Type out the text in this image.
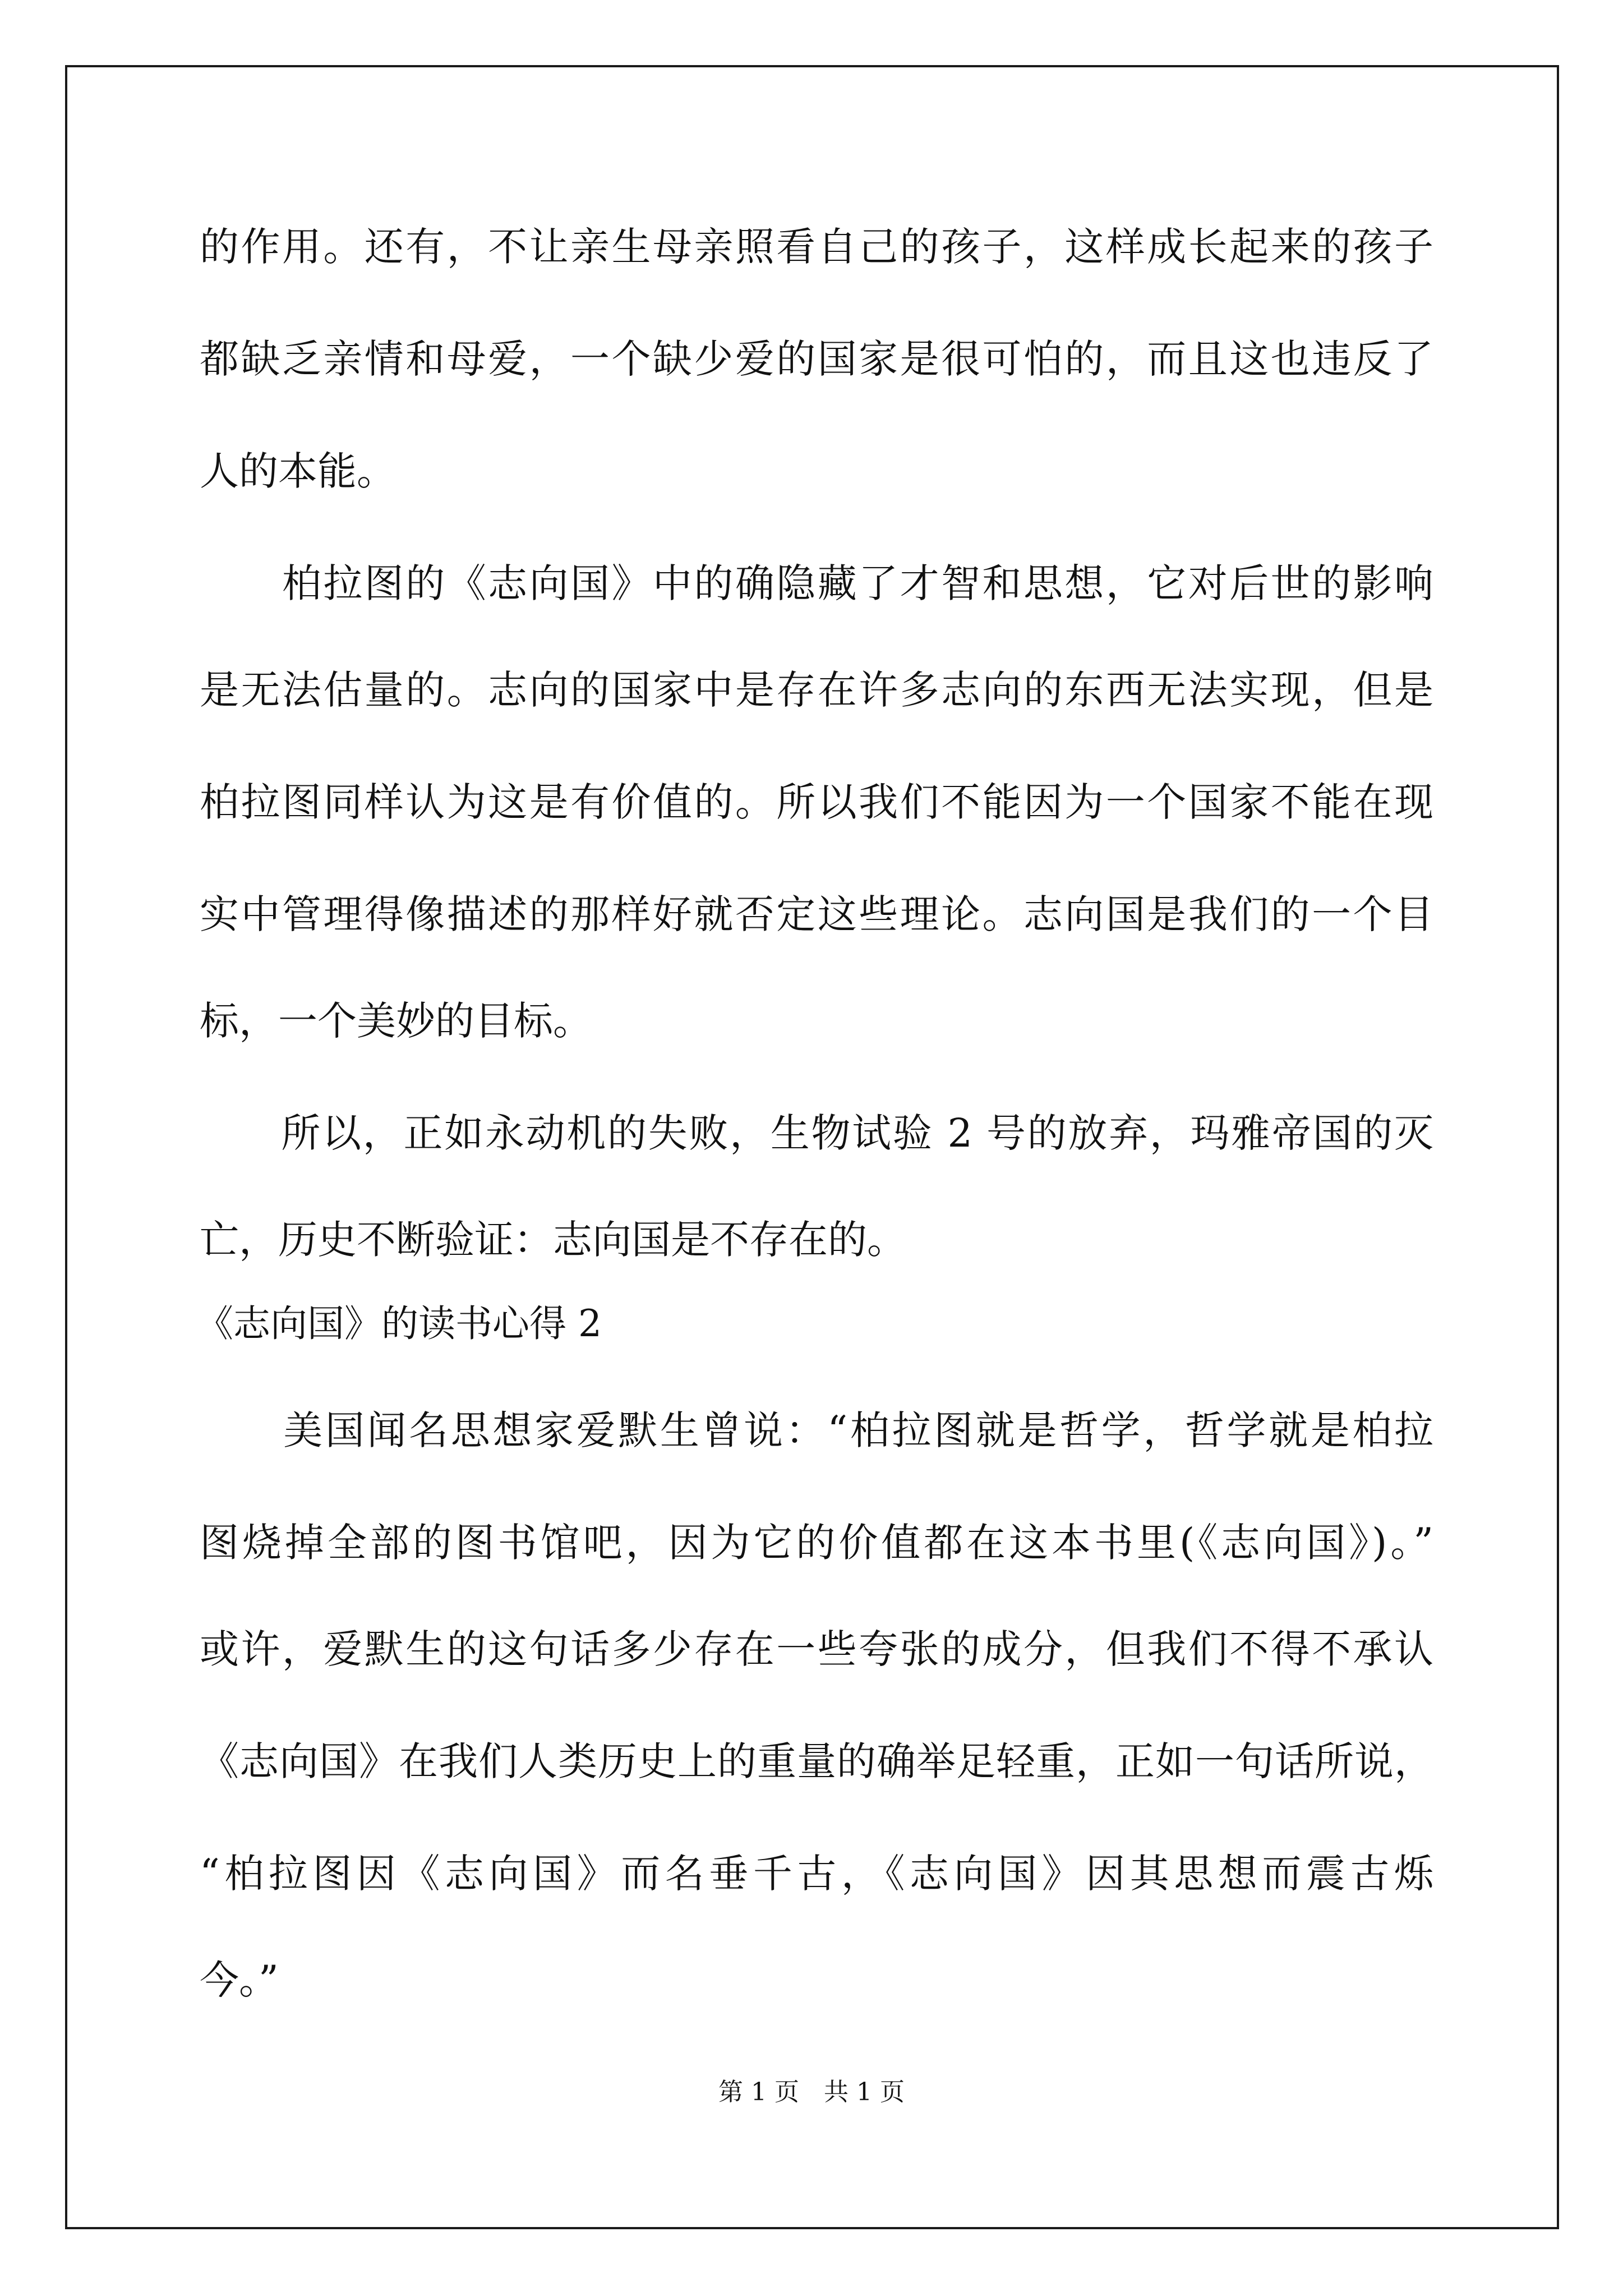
的作用。还有，不让亲生母亲照看自己的孩子，这样成长起来的孩子
都缺乏亲情和母爱，一个缺少爱的国家是很可怕的，而且这也违反了
人的本能。
　　柏拉图的《志向国》中的确隐藏了才智和思想，它对后世的影响
是无法估量的。志向的国家中是存在许多志向的东西无法实现，但是
柏拉图同样认为这是有价值的。所以我们不能因为一个国家不能在现
实中管理得像描述的那样好就否定这些理论。志向国是我们的一个目
标，一个美妙的目标。
　　所以，正如永动机的失败，生物试验 2 号的放弃，玛雅帝国的灭
亡，历史不断验证：志向国是不存在的。
《志向国》的读书心得 2
　　美国闻名思想家爱默生曾说：“柏拉图就是哲学，哲学就是柏拉
图烧掉全部的图书馆吧，因为它的价值都在这本书里(《志向国》)。”
或许，爱默生的这句话多少存在一些夸张的成分，但我们不得不承认
《志向国》在我们人类历史上的重量的确举足轻重，正如一句话所说，
“柏拉图因《志向国》而名垂千古，《志向国》因其思想而震古烁
今。”
第 1 页　共 1 页
